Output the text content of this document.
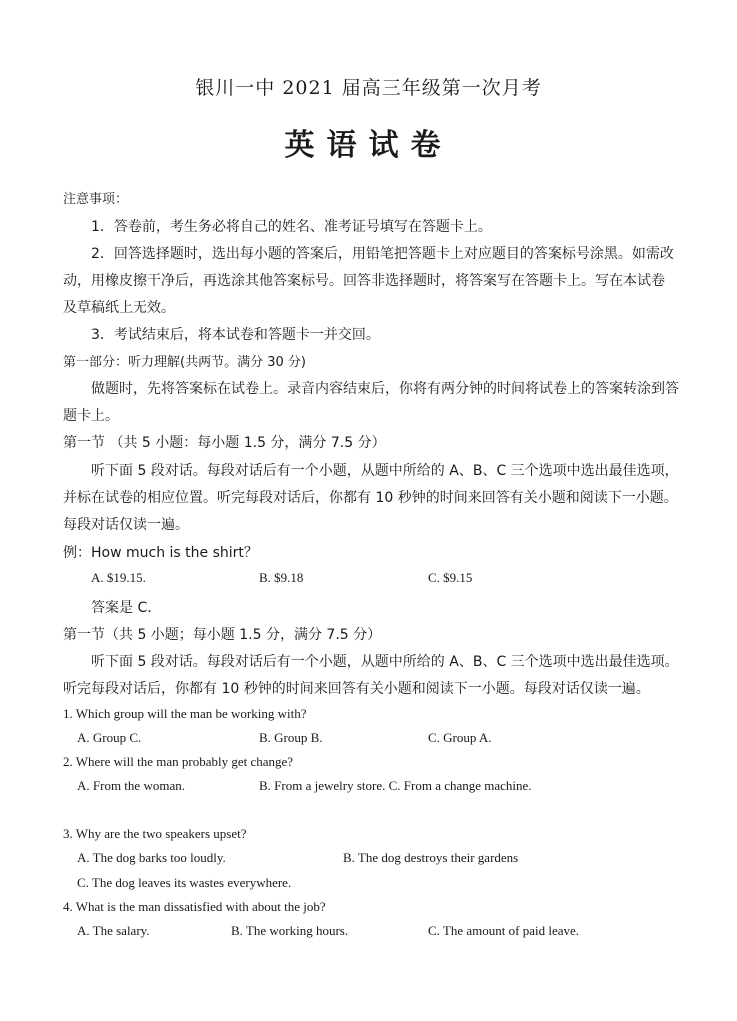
银川一中 2021 届高三年级第一次月考
英语试卷
注意事项：
1．答卷前，考生务必将自己的姓名、准考证号填写在答题卡上。
2．回答选择题时，选出每小题的答案后，用铅笔把答题卡上对应题目的答案标号涂黑。如需改
动，用橡皮擦干净后，再选涂其他答案标号。回答非选择题时，将答案写在答题卡上。写在本试卷
及草稿纸上无效。
3．考试结束后，将本试卷和答题卡一并交回。
第一部分：听力理解(共两节。满分 30 分)
做题时，先将答案标在试卷上。录音内容结束后，你将有两分钟的时间将试卷上的答案转涂到答
题卡上。
第一节 （共 5 小题：每小题 1.5 分，满分 7.5 分）
听下面 5 段对话。每段对话后有一个小题，从题中所给的 A、B、C 三个选项中选出最佳选项，
并标在试卷的相应位置。听完每段对话后，你都有 10 秒钟的时间来回答有关小题和阅读下一小题。
每段对话仅读一遍。
例：How much is the shirt？
A. $19.15.	B. $9.18	C. $9.15
答案是 C.
第一节（共 5 小题；每小题 1.5 分，满分 7.5 分）
听下面 5 段对话。每段对话后有一个小题，从题中所给的 A、B、C 三个选项中选出最佳选项。
听完每段对话后，你都有 10 秒钟的时间来回答有关小题和阅读下一小题。每段对话仅读一遍。
1. Which group will the man be working with?
A. Group C.	B. Group B.	C. Group A.
2. Where will the man probably get change?
A. From the woman.	B. From a jewelry store. C. From a change machine.
3. Why are the two speakers upset?
A. The dog barks too loudly.	B. The dog destroys their gardens
C. The dog leaves its wastes everywhere.
4. What is the man dissatisfied with about the job?
A. The salary.	B. The working hours.	C. The amount of paid leave.
